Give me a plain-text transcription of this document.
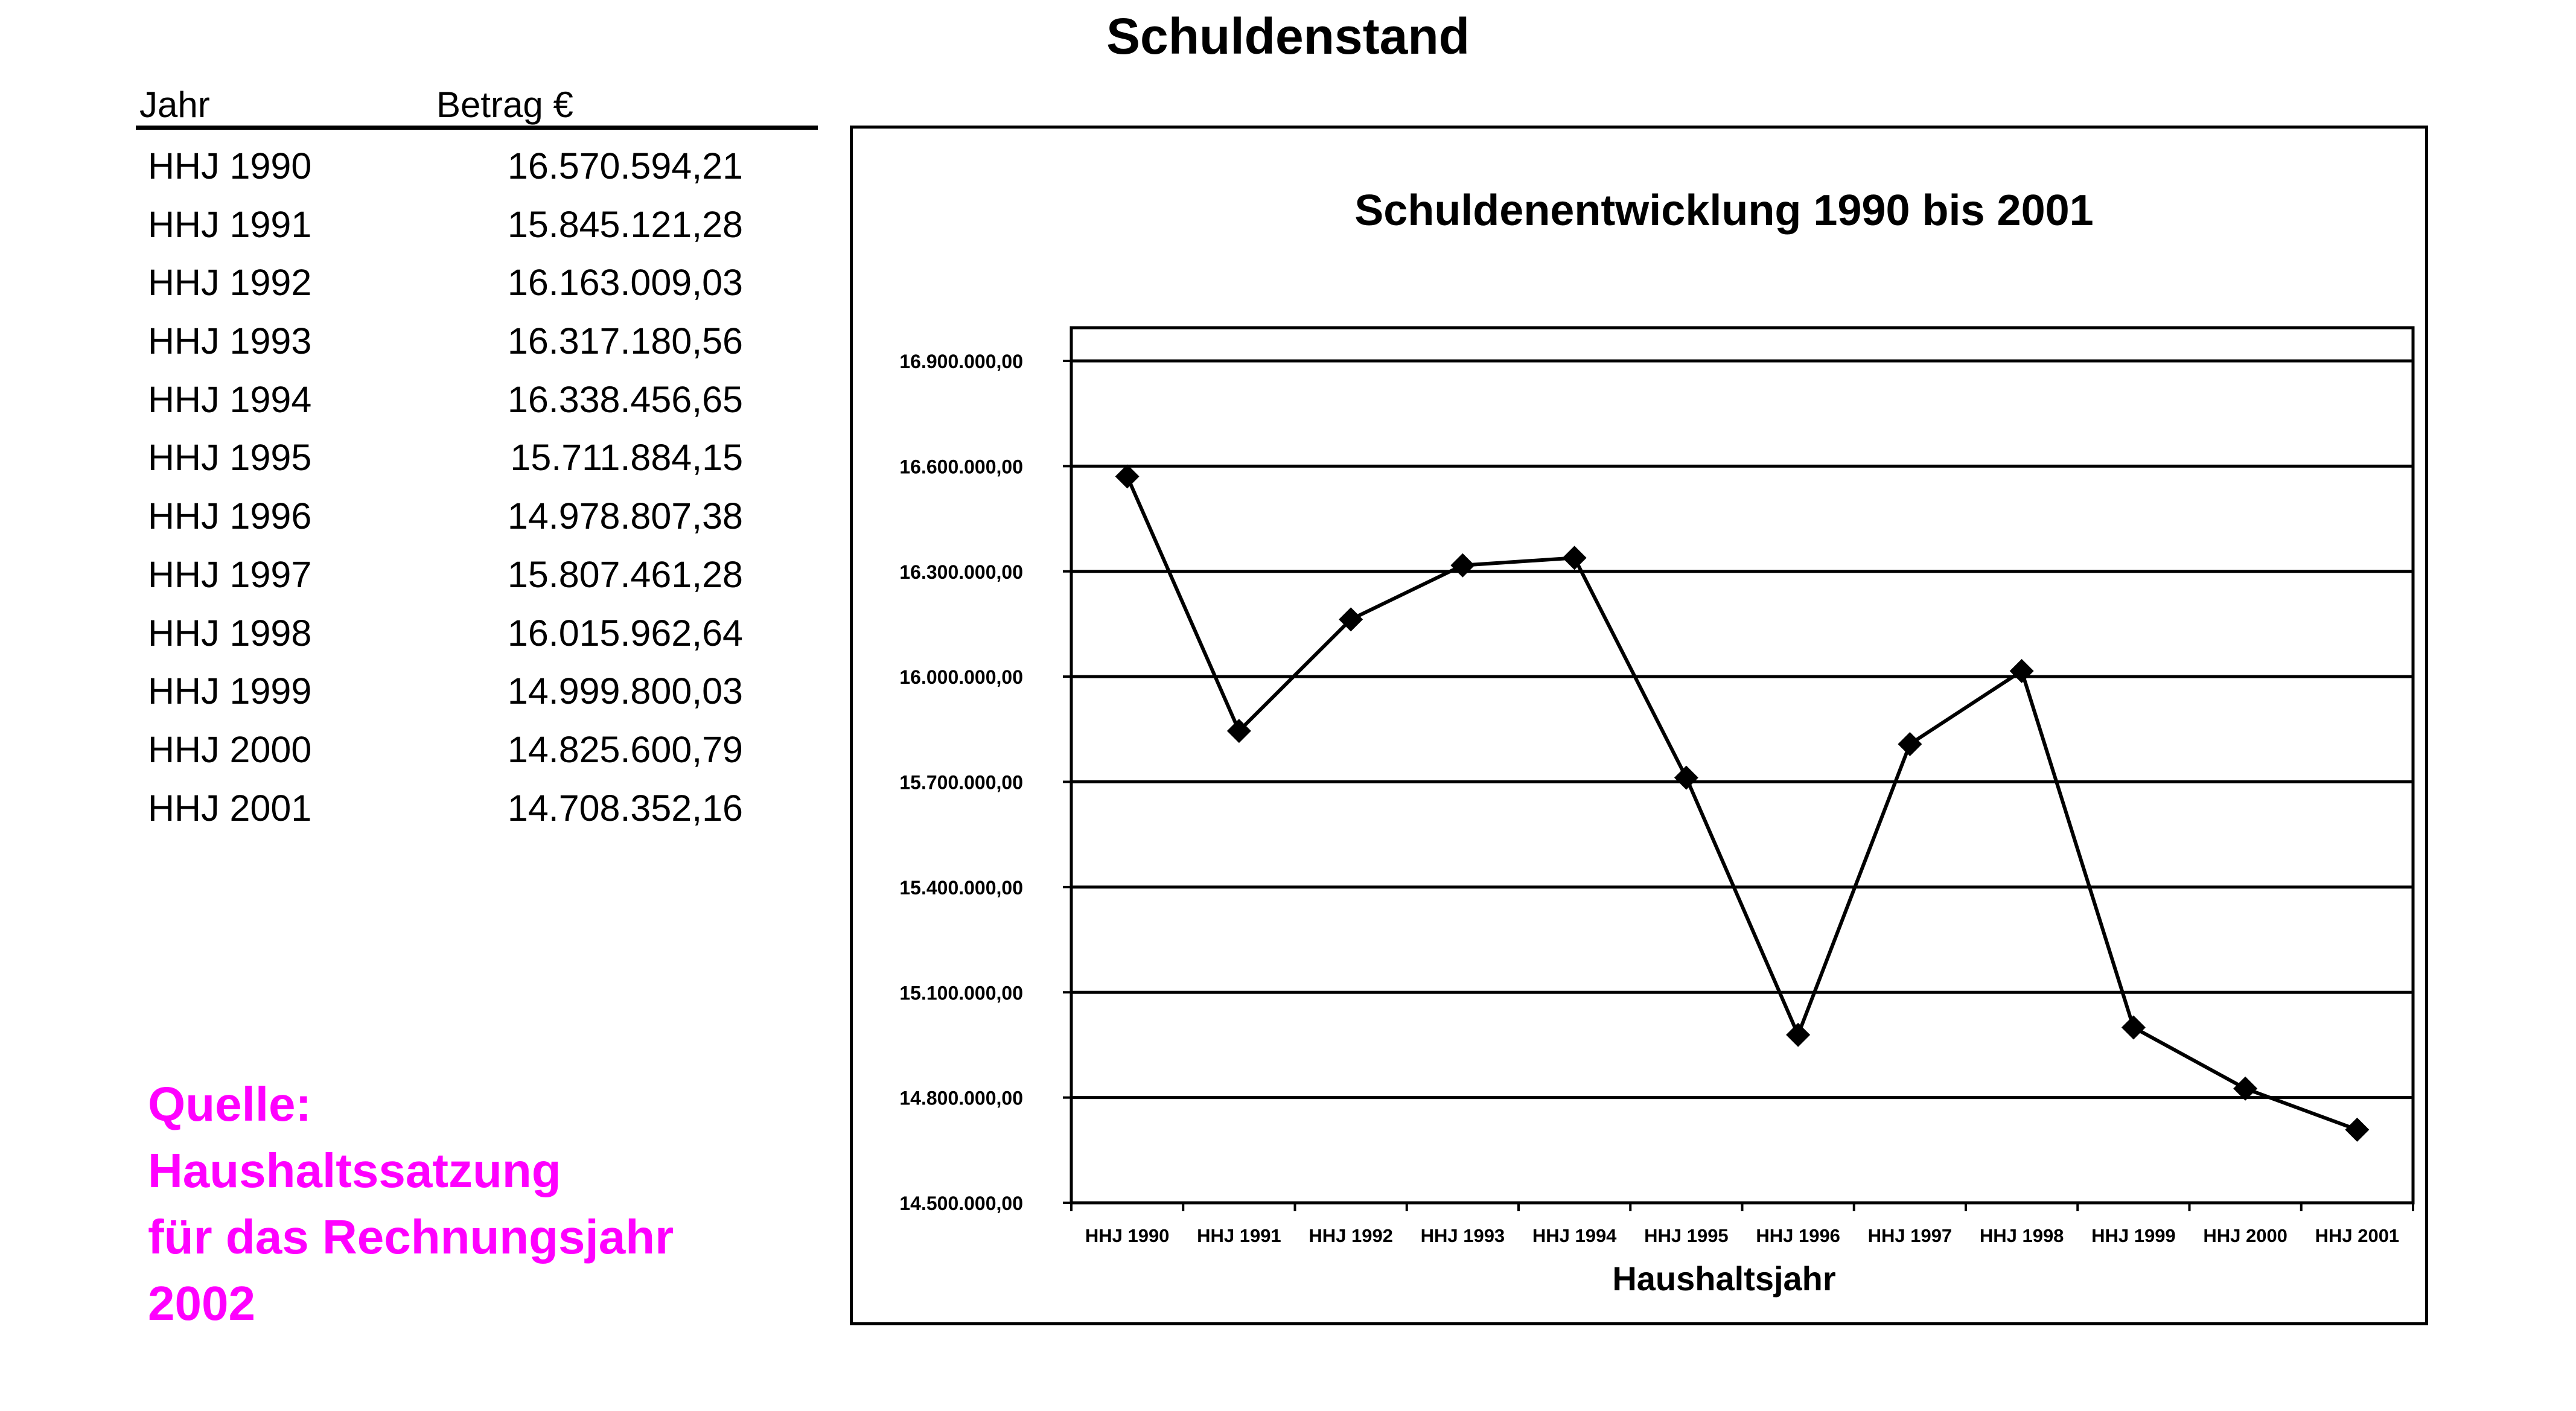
Schuldenstand
Jahr	Betrag €
HHJ 1990	16.570.594,21
HHJ 1991	15.845.121,28
HHJ 1992	16.163.009,03
HHJ 1993	16.317.180,56
HHJ 1994	16.338.456,65
HHJ 1995	15.711.884,15
HHJ 1996	14.978.807,38
HHJ 1997	15.807.461,28
HHJ 1998	16.015.962,64
HHJ 1999	14.999.800,03
HHJ 2000	14.825.600,79
HHJ 2001	14.708.352,16
Quelle:
Haushaltssatzung
für das Rechnungsjahr
2002
Schuldenentwicklung 1990 bis 2001
14.500.000,00
14.800.000,00
15.100.000,00
15.400.000,00
15.700.000,00
16.000.000,00
16.300.000,00
16.600.000,00
16.900.000,00
HHJ 1990 HHJ 1991 HHJ 1992 HHJ 1993 HHJ 1994 HHJ 1995 HHJ 1996 HHJ 1997 HHJ 1998 HHJ 1999 HHJ 2000 HHJ 2001
Haushaltsjahr
